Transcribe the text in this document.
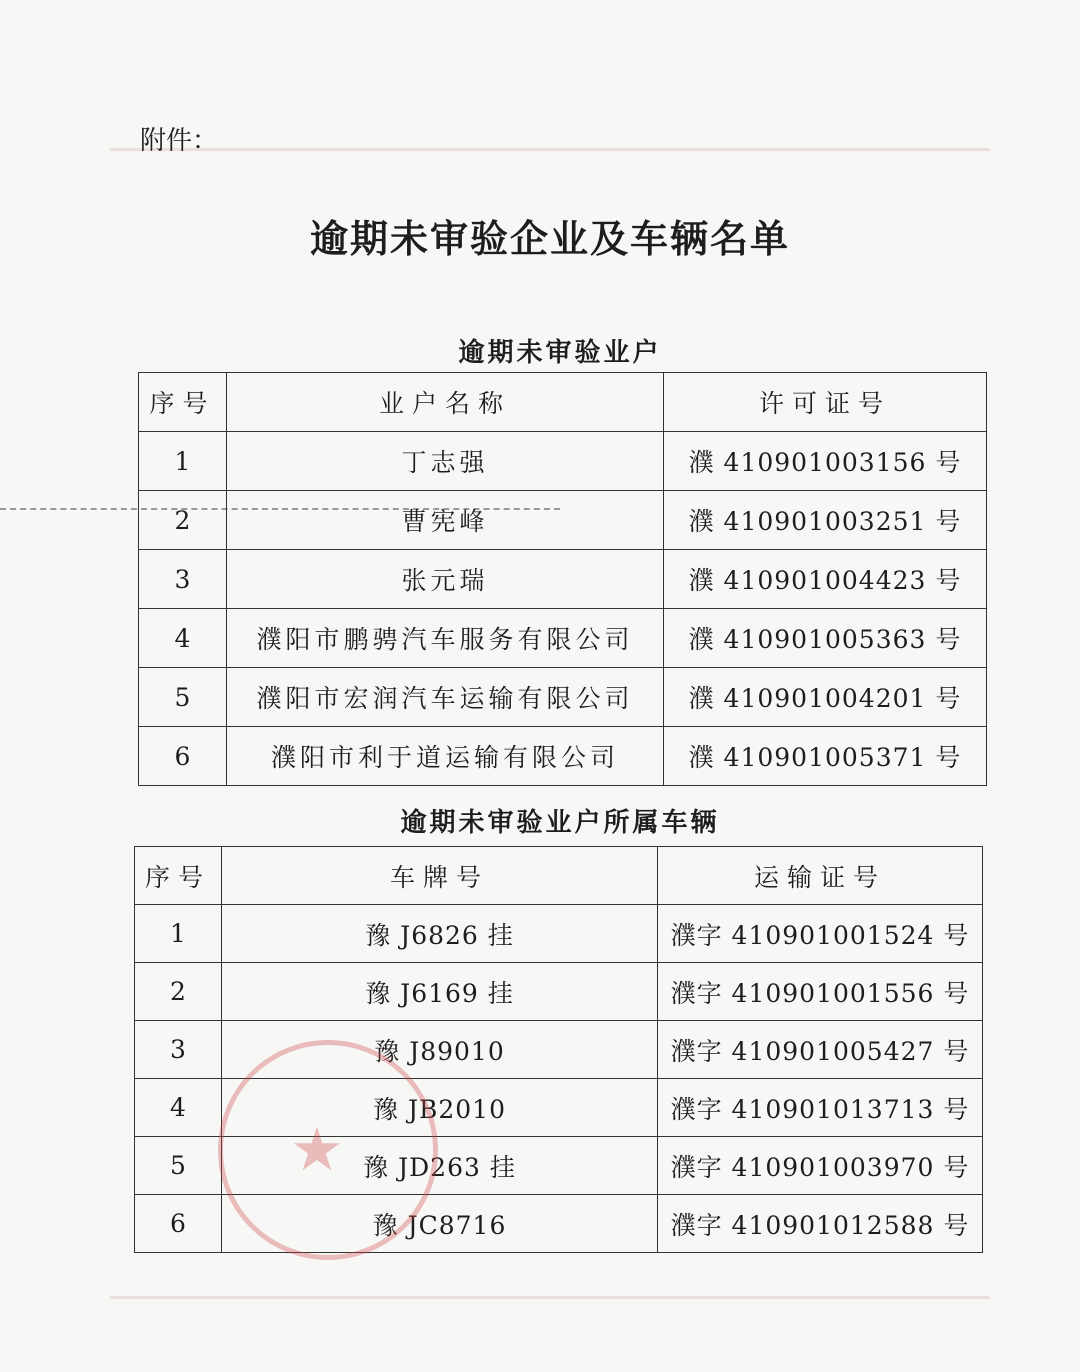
附件：
逾期未审验企业及车辆名单
逾期未审验业户
序号	业户名称	许可证号
1	丁志强	濮 410901003156 号
2	曹宪峰	濮 410901003251 号
3	张元瑞	濮 410901004423 号
4	濮阳市鹏骋汽车服务有限公司	濮 410901005363 号
5	濮阳市宏润汽车运输有限公司	濮 410901004201 号
6	濮阳市利于道运输有限公司	濮 410901005371 号
逾期未审验业户所属车辆
序号	车牌号	运输证号
1	豫 J6826 挂	濮字 410901001524 号
2	豫 J6169 挂	濮字 410901001556 号
3	豫 J89010	濮字 410901005427 号
4	豫 JB2010	濮字 410901013713 号
5	豫 JD263 挂	濮字 410901003970 号
6	豫 JC8716	濮字 410901012588 号
★
